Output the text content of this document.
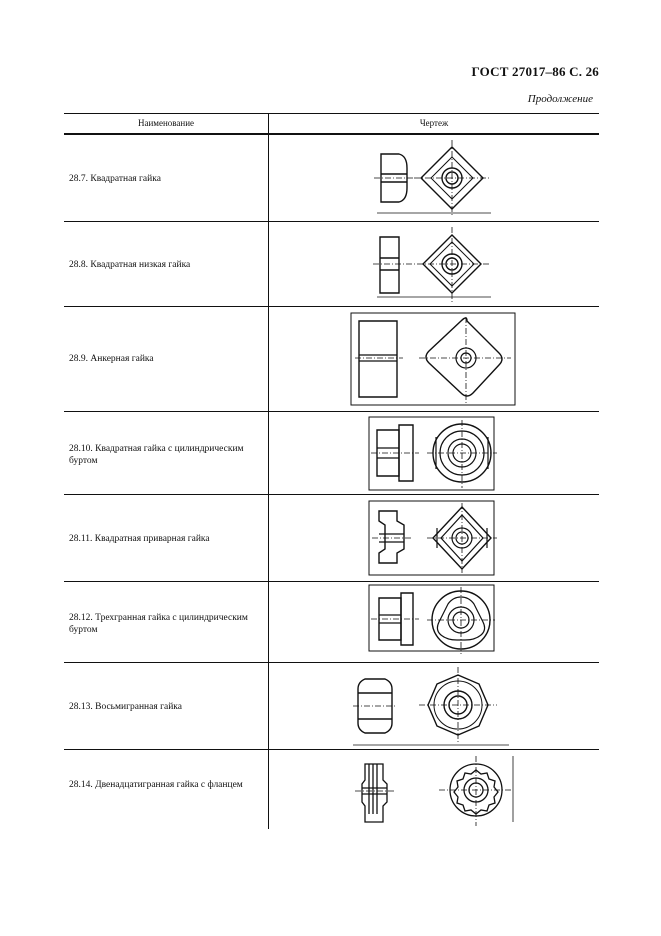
ГОСТ 27017–86 С. 26
Продолжение
Наименование	Чертеж
28.7. Квадратная гайка
28.8. Квадратная низкая гайка
28.9. Анкерная гайка
28.10. Квадратная гайка с цилиндрическим буртом
28.11. Квадратная приварная гайка
28.12. Трехгранная гайка с цилиндрическим буртом
28.13. Восьмигранная гайка
28.14. Двенадцатигранная гайка с фланцем
